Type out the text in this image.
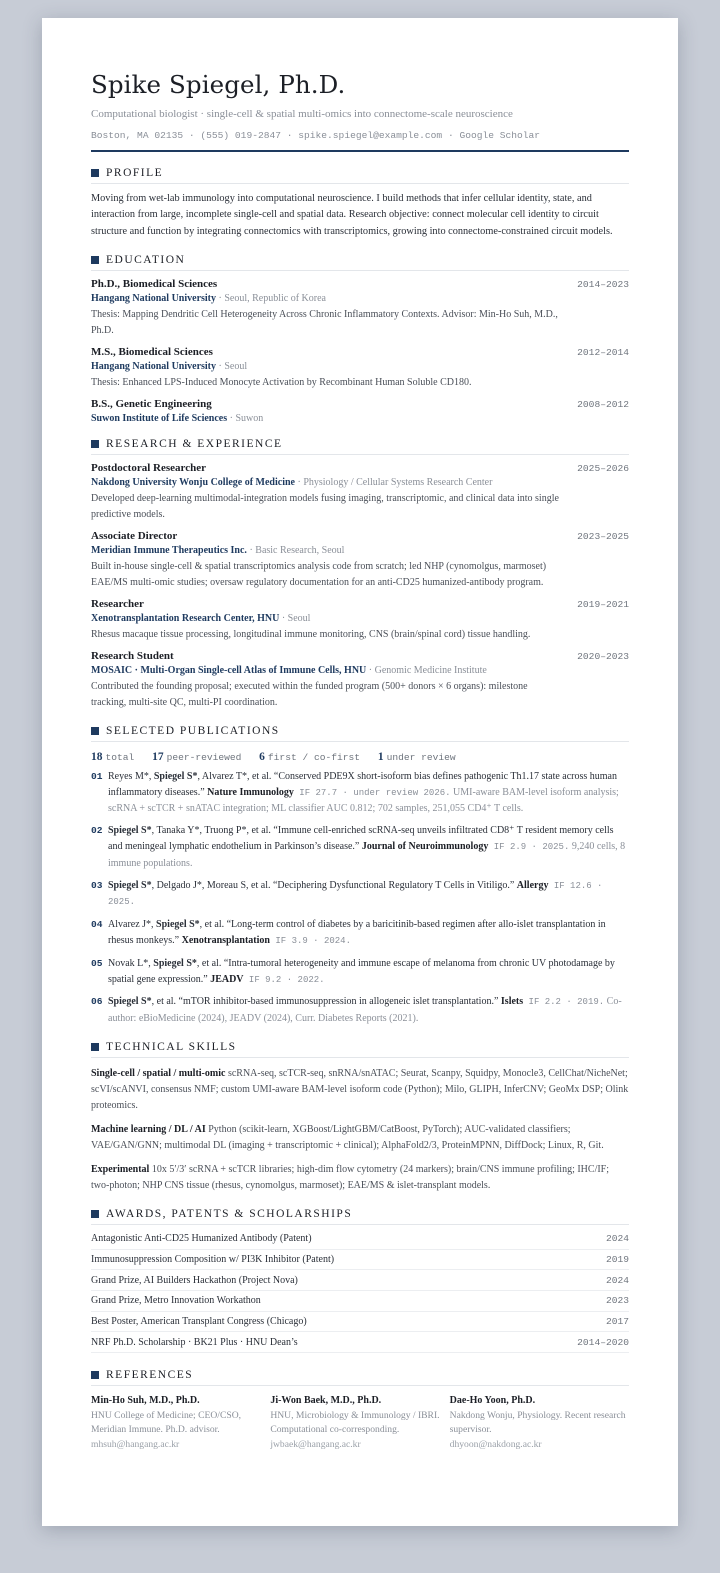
Spike Spiegel, Ph.D.
Computational biologist · single-cell & spatial multi-omics into connectome-scale neuroscience
Boston, MA 02135 · (555) 019-2847 · spike.spiegel@example.com · Google Scholar
PROFILE

Moving from wet-lab immunology into computational neuroscience. I build methods that infer cellular identity, state, and interaction from large, incomplete single-cell and spatial data. Research objective: connect molecular cell identity to circuit structure and function by integrating connectomics with transcriptomics, growing into connectome-constrained circuit models.

EDUCATION
Ph.D., Biomedical Sciences	2014–2023
Hangang National University · Seoul, Republic of Korea
Thesis: Mapping Dendritic Cell Heterogeneity Across Chronic Inflammatory Contexts. Advisor: Min-Ho Suh, M.D., Ph.D.
M.S., Biomedical Sciences	2012–2014
Hangang National University · Seoul
Thesis: Enhanced LPS-Induced Monocyte Activation by Recombinant Human Soluble CD180.
B.S., Genetic Engineering	2008–2012
Suwon Institute of Life Sciences · Suwon
RESEARCH & EXPERIENCE
Postdoctoral Researcher	2025–2026
Nakdong University Wonju College of Medicine · Physiology / Cellular Systems Research Center
Developed deep-learning multimodal-integration models fusing imaging, transcriptomic, and clinical data into single predictive models.
Associate Director	2023–2025
Meridian Immune Therapeutics Inc. · Basic Research, Seoul
Built in-house single-cell & spatial transcriptomics analysis code from scratch; led NHP (cynomolgus, marmoset) EAE/MS multi-omic studies; oversaw regulatory documentation for an anti-CD25 humanized-antibody program.
Researcher	2019–2021
Xenotransplantation Research Center, HNU · Seoul
Rhesus macaque tissue processing, longitudinal immune monitoring, CNS (brain/spinal cord) tissue handling.
Research Student	2020–2023
MOSAIC · Multi-Organ Single-cell Atlas of Immune Cells, HNU · Genomic Medicine Institute
Contributed the founding proposal; executed within the funded program (500+ donors × 6 organs): milestone tracking, multi-site QC, multi-PI coordination.
SELECTED PUBLICATIONS
18 total 17 peer-reviewed 6 first / co-first 1 under review
01 Reyes M*, Spiegel S*, Alvarez T*, et al. “Conserved PDE9X short-isoform bias defines pathogenic Th1.17 state across human inflammatory diseases.” Nature Immunology IF 27.7 · under review 2026. UMI-aware BAM-level isoform analysis; scRNA + scTCR + snATAC integration; ML classifier AUC 0.812; 702 samples, 251,055 CD4⁺ T cells.
02 Spiegel S*, Tanaka Y*, Truong P*, et al. “Immune cell-enriched scRNA-seq unveils infiltrated CD8⁺ T resident memory cells and meningeal lymphatic endothelium in Parkinson’s disease.” Journal of Neuroimmunology IF 2.9 · 2025. 9,240 cells, 8 immune populations.
03 Spiegel S*, Delgado J*, Moreau S, et al. “Deciphering Dysfunctional Regulatory T Cells in Vitiligo.” Allergy IF 12.6 · 2025.
04 Alvarez J*, Spiegel S*, et al. “Long-term control of diabetes by a baricitinib-based regimen after allo-islet transplantation in rhesus monkeys.” Xenotransplantation IF 3.9 · 2024.
05 Novak L*, Spiegel S*, et al. “Intra-tumoral heterogeneity and immune escape of melanoma from chronic UV photodamage by spatial gene expression.” JEADV IF 9.2 · 2022.
06 Spiegel S*, et al. “mTOR inhibitor-based immunosuppression in allogeneic islet transplantation.” Islets IF 2.2 · 2019. Co-author: eBioMedicine (2024), JEADV (2024), Curr. Diabetes Reports (2021).
TECHNICAL SKILLS

Single-cell / spatial / multi-omic scRNA-seq, scTCR-seq, snRNA/snATAC; Seurat, Scanpy, Squidpy, Monocle3, CellChat/NicheNet; scVI/scANVI, consensus NMF; custom UMI-aware BAM-level isoform code (Python); Milo, GLIPH, InferCNV; GeoMx DSP; Olink proteomics.

Machine learning / DL / AI Python (scikit-learn, XGBoost/LightGBM/CatBoost, PyTorch); AUC-validated classifiers; VAE/GAN/GNN; multimodal DL (imaging + transcriptomic + clinical); AlphaFold2/3, ProteinMPNN, DiffDock; Linux, R, Git.

Experimental 10x 5′/3′ scRNA + scTCR libraries; high-dim flow cytometry (24 markers); brain/CNS immune profiling; IHC/IF; two-photon; NHP CNS tissue (rhesus, cynomolgus, marmoset); EAE/MS & islet-transplant models.

AWARDS, PATENTS & SCHOLARSHIPS
Antagonistic Anti-CD25 Humanized Antibody (Patent)	2024
Immunosuppression Composition w/ PI3K Inhibitor (Patent)	2019
Grand Prize, AI Builders Hackathon (Project Nova)	2024
Grand Prize, Metro Innovation Workathon	2023
Best Poster, American Transplant Congress (Chicago)	2017
NRF Ph.D. Scholarship · BK21 Plus · HNU Dean’s	2014–2020
REFERENCES
Min-Ho Suh, M.D., Ph.D.
HNU College of Medicine; CEO/CSO, Meridian Immune. Ph.D. advisor.
mhsuh@hangang.ac.kr
Ji-Won Baek, M.D., Ph.D.
HNU, Microbiology & Immunology / IBRI. Computational co-corresponding.
jwbaek@hangang.ac.kr
Dae-Ho Yoon, Ph.D.
Nakdong Wonju, Physiology. Recent research supervisor.
dhyoon@nakdong.ac.kr
